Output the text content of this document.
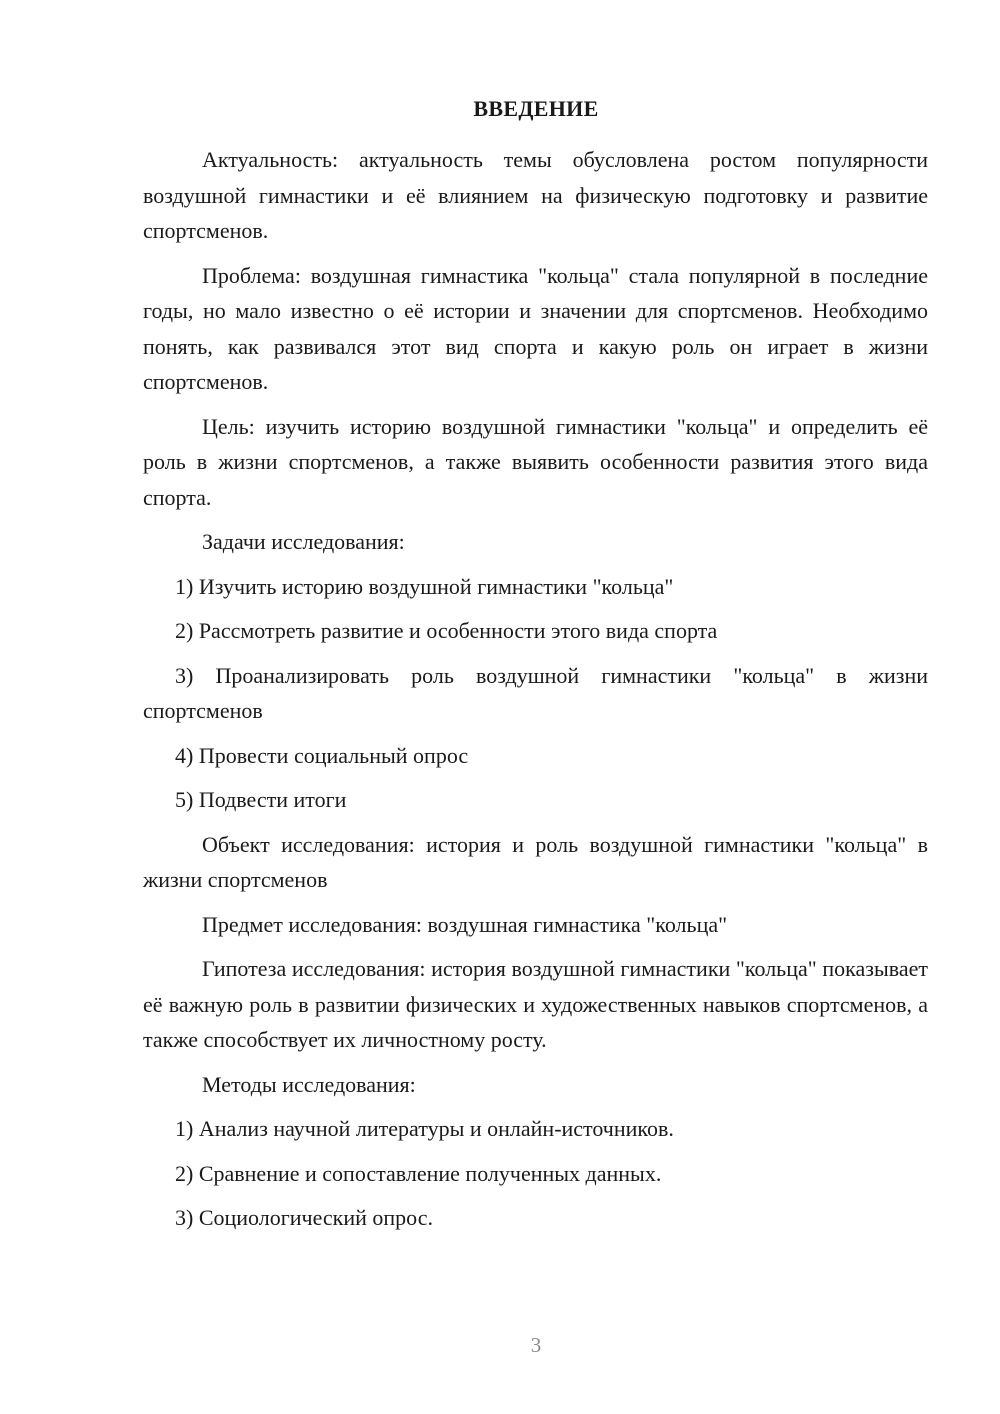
ВВЕДЕНИЕ

Актуальность: актуальность темы обусловлена ростом популярности воздушной гимнастики и её влиянием на физическую подготовку и развитие спортсменов.

Проблема: воздушная гимнастика "кольца" стала популярной в последние годы, но мало известно о её истории и значении для спортсменов. Необходимо понять, как развивался этот вид спорта и какую роль он играет в жизни спортсменов.

Цель: изучить историю воздушной гимнастики "кольца" и определить её роль в жизни спортсменов, а также выявить особенности развития этого вида спорта.

Задачи исследования:

1) Изучить историю воздушной гимнастики "кольца"

2) Рассмотреть развитие и особенности этого вида спорта

3) Проанализировать роль воздушной гимнастики "кольца" в жизни спортсменов

4) Провести социальный опрос

5) Подвести итоги

Объект исследования: история и роль воздушной гимнастики "кольца" в жизни спортсменов

Предмет исследования: воздушная гимнастика "кольца"

Гипотеза исследования: история воздушной гимнастики "кольца" показывает её важную роль в развитии физических и художественных навыков спортсменов, а также способствует их личностному росту.

Методы исследования:

1) Анализ научной литературы и онлайн-источников.

2) Сравнение и сопоставление полученных данных.

3) Социологический опрос.

3
